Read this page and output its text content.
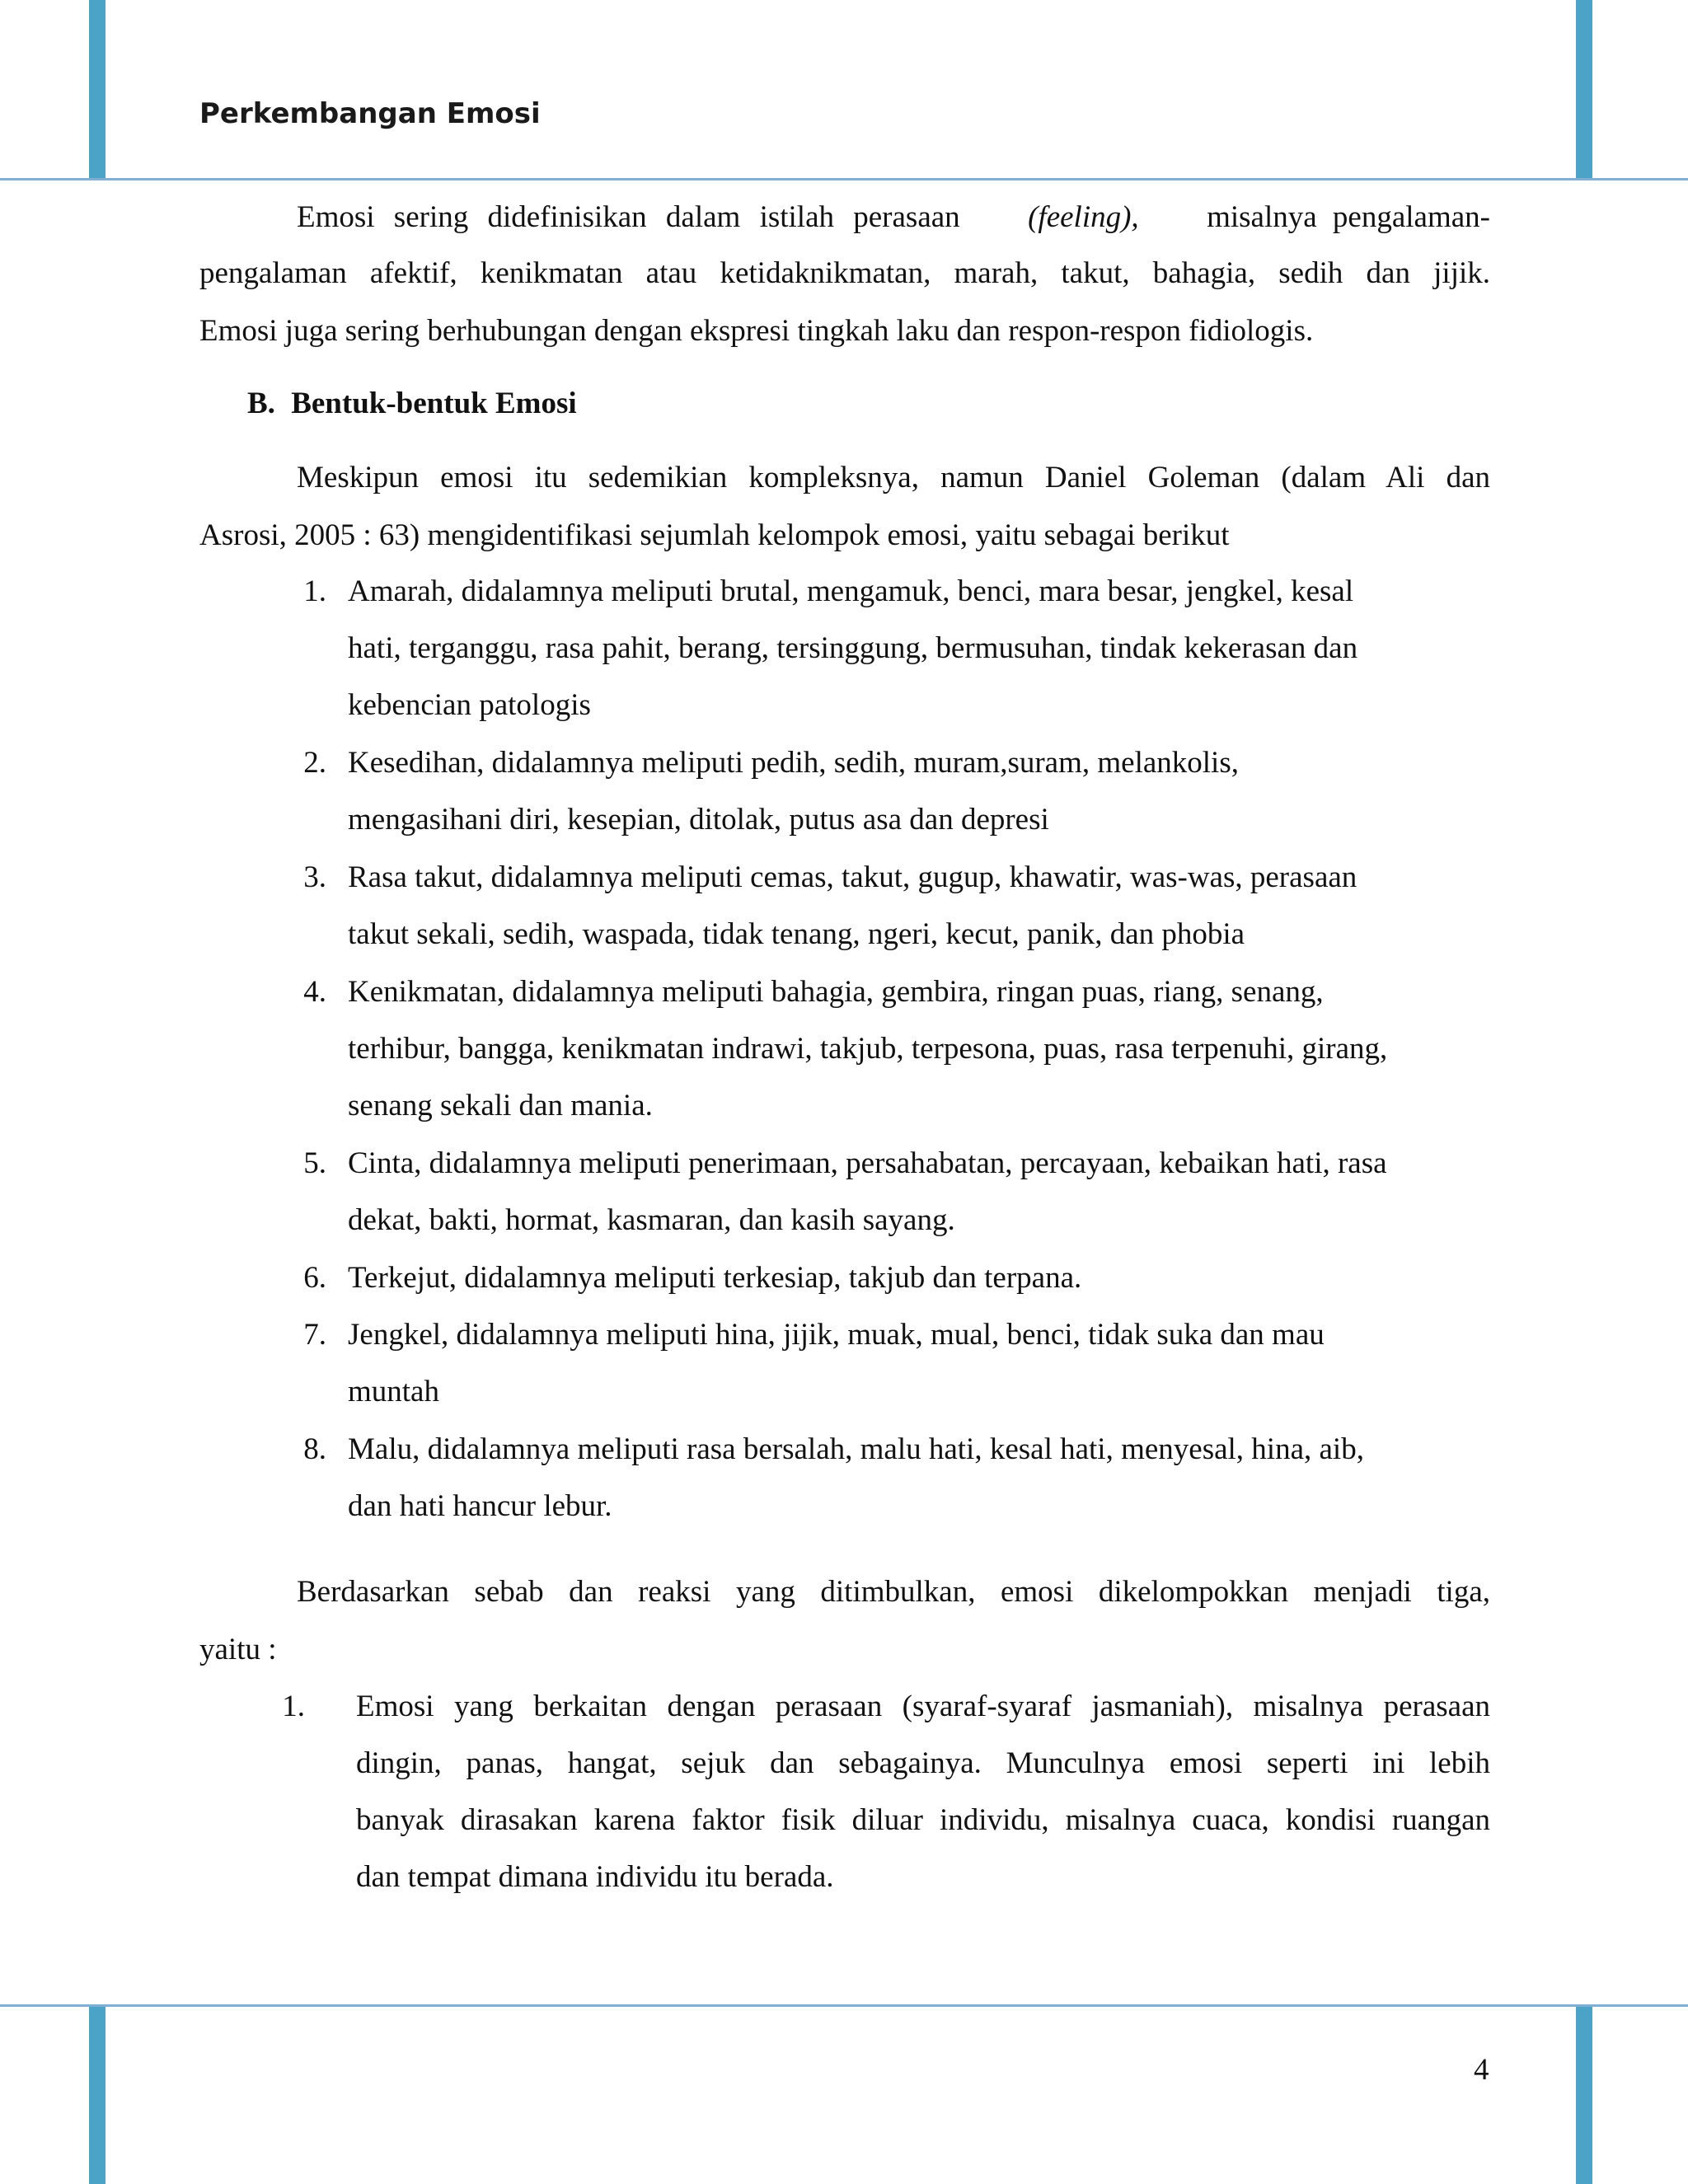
Perkembangan Emosi
Emosi sering didefinisikan dalam istilah perasaan (feeling), misalnya pengalaman-
pengalaman afektif, kenikmatan atau ketidaknikmatan, marah, takut, bahagia, sedih dan jijik.
Emosi juga sering berhubungan dengan ekspresi tingkah laku dan respon-respon fidiologis.
B. Bentuk-bentuk Emosi
Meskipun emosi itu sedemikian kompleksnya, namun Daniel Goleman (dalam Ali dan
Asrosi, 2005 : 63) mengidentifikasi sejumlah kelompok emosi, yaitu sebagai berikut
1. Amarah, didalamnya meliputi brutal, mengamuk, benci, mara besar, jengkel, kesal
hati, terganggu, rasa pahit, berang, tersinggung, bermusuhan, tindak kekerasan dan
kebencian patologis
2. Kesedihan, didalamnya meliputi pedih, sedih, muram,suram, melankolis,
mengasihani diri, kesepian, ditolak, putus asa dan depresi
3. Rasa takut, didalamnya meliputi cemas, takut, gugup, khawatir, was-was, perasaan
takut sekali, sedih, waspada, tidak tenang, ngeri, kecut, panik, dan phobia
4. Kenikmatan, didalamnya meliputi bahagia, gembira, ringan puas, riang, senang,
terhibur, bangga, kenikmatan indrawi, takjub, terpesona, puas, rasa terpenuhi, girang,
senang sekali dan mania.
5. Cinta, didalamnya meliputi penerimaan, persahabatan, percayaan, kebaikan hati, rasa
dekat, bakti, hormat, kasmaran, dan kasih sayang.
6. Terkejut, didalamnya meliputi terkesiap, takjub dan terpana.
7. Jengkel, didalamnya meliputi hina, jijik, muak, mual, benci, tidak suka dan mau
muntah
8. Malu, didalamnya meliputi rasa bersalah, malu hati, kesal hati, menyesal, hina, aib,
dan hati hancur lebur.
Berdasarkan sebab dan reaksi yang ditimbulkan, emosi dikelompokkan menjadi tiga,
yaitu :
1. Emosi yang berkaitan dengan perasaan (syaraf-syaraf jasmaniah), misalnya perasaan
dingin, panas, hangat, sejuk dan sebagainya. Munculnya emosi seperti ini lebih
banyak dirasakan karena faktor fisik diluar individu, misalnya cuaca, kondisi ruangan
dan tempat dimana individu itu berada.
4
